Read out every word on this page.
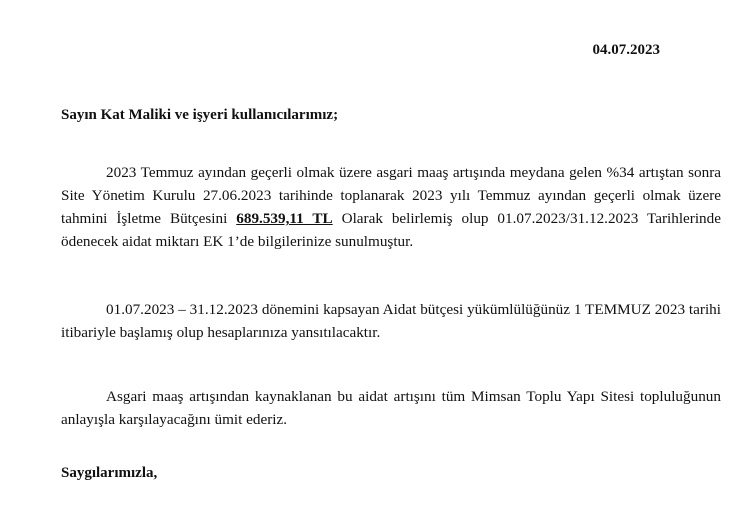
04.07.2023
Sayın Kat Maliki ve işyeri kullanıcılarımız;

2023 Temmuz ayından geçerli olmak üzere asgari maaş artışında meydana gelen %34 artıştan sonra Site Yönetim Kurulu 27.06.2023 tarihinde toplanarak 2023 yılı Temmuz ayından geçerli olmak üzere tahmini İşletme Bütçesini 689.539,11 TL Olarak belirlemiş olup 01.07.2023/31.12.2023 Tarihlerinde ödenecek aidat miktarı EK 1’de bilgilerinize sunulmuştur.

01.07.2023 – 31.12.2023 dönemini kapsayan Aidat bütçesi yükümlülüğünüz 1 TEMMUZ 2023 tarihi itibariyle başlamış olup hesaplarınıza yansıtılacaktır.

Asgari maaş artışından kaynaklanan bu aidat artışını tüm Mimsan Toplu Yapı Sitesi topluluğunun anlayışla karşılayacağını ümit ederiz.

Saygılarımızla,
